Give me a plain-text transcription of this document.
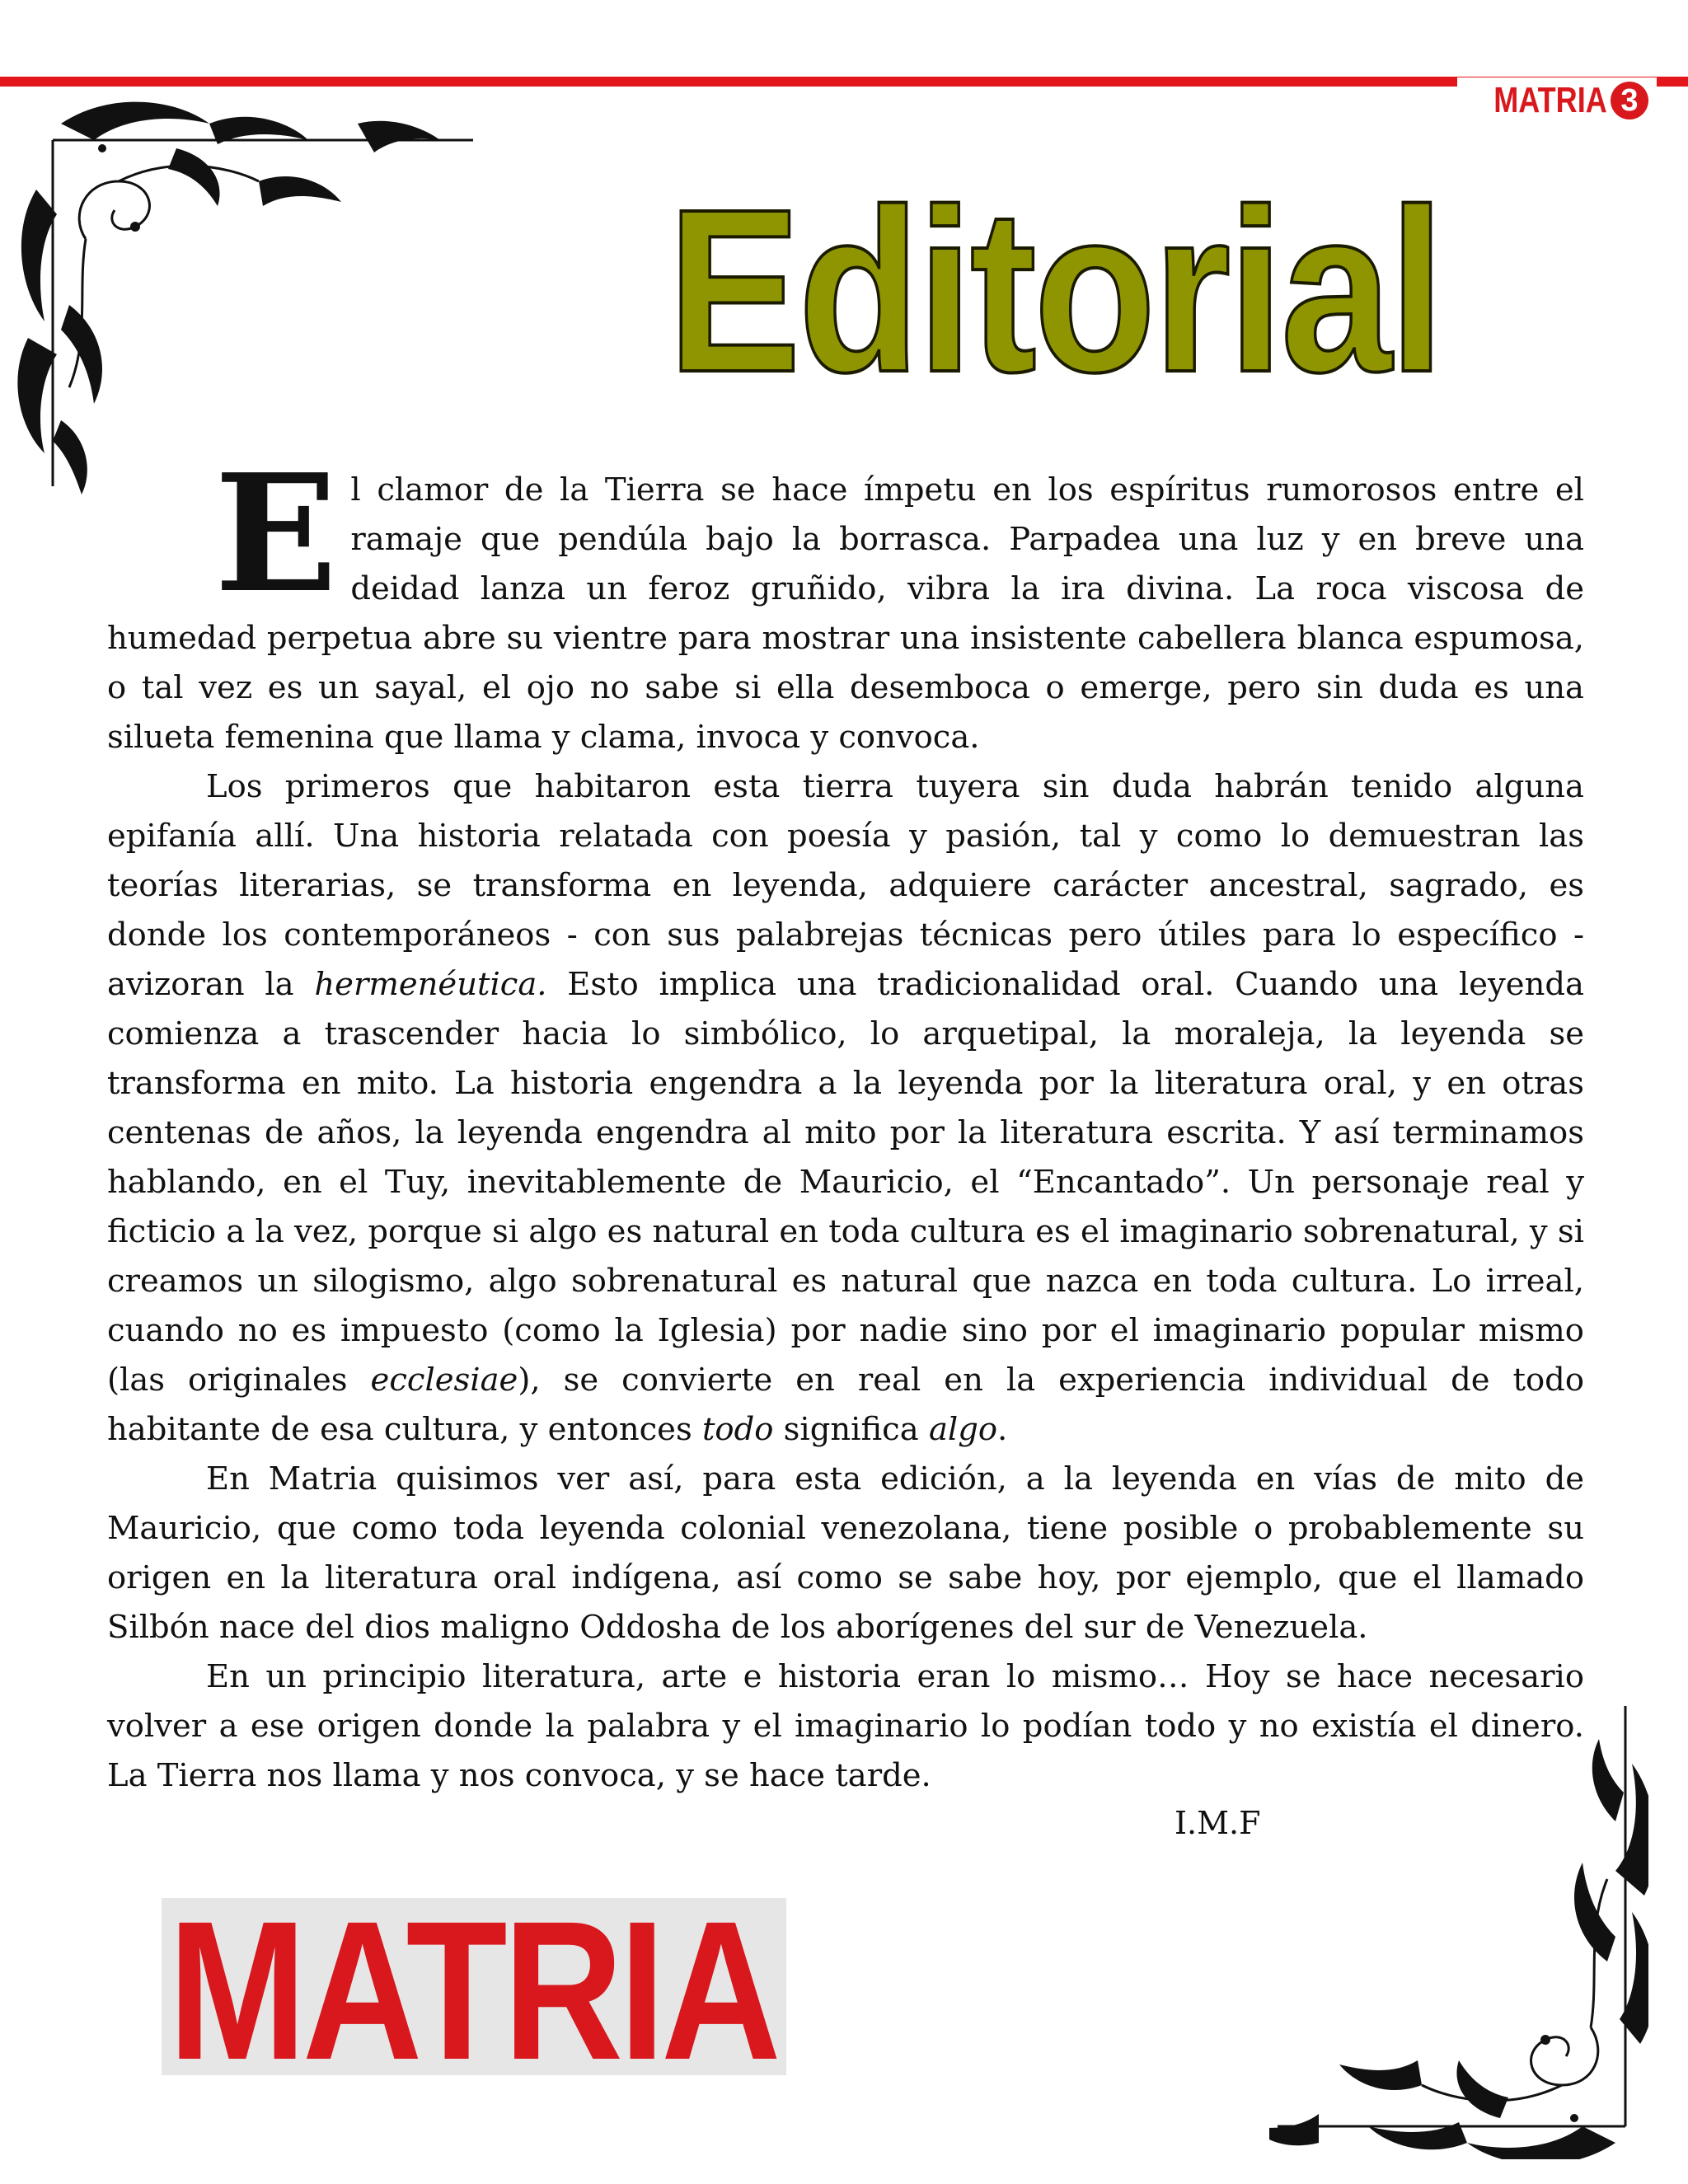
MATRIA 3
Editorial

El clamor de la Tierra se hace ímpetu en los espíritus rumorosos entre el ramaje que pendúla bajo la borrasca. Parpadea una luz y en breve una deidad lanza un feroz gruñido, vibra la ira divina. La roca viscosa de humedad perpetua abre su vientre para mostrar una insistente cabellera blanca espumosa, o tal vez es un sayal, el ojo no sabe si ella desemboca o emerge, pero sin duda es una silueta femenina que llama y clama, invoca y convoca.

Los primeros que habitaron esta tierra tuyera sin duda habrán tenido alguna epifanía allí. Una historia relatada con poesía y pasión, tal y como lo demuestran las teorías literarias, se transforma en leyenda, adquiere carácter ancestral, sagrado, es donde los contemporáneos - con sus palabrejas técnicas pero útiles para lo específico - avizoran la hermenéutica. Esto implica una tradicionalidad oral. Cuando una leyenda comienza a trascender hacia lo simbólico, lo arquetipal, la moraleja, la leyenda se transforma en mito. La historia engendra a la leyenda por la literatura oral, y en otras centenas de años, la leyenda engendra al mito por la literatura escrita. Y así terminamos hablando, en el Tuy, inevitablemente de Mauricio, el “Encantado”. Un personaje real y ficticio a la vez, porque si algo es natural en toda cultura es el imaginario sobrenatural, y si creamos un silogismo, algo sobrenatural es natural que nazca en toda cultura. Lo irreal, cuando no es impuesto (como la Iglesia) por nadie sino por el imaginario popular mismo (las originales ecclesiae), se convierte en real en la experiencia individual de todo habitante de esa cultura, y entonces todo significa algo.

En Matria quisimos ver así, para esta edición, a la leyenda en vías de mito de Mauricio, que como toda leyenda colonial venezolana, tiene posible o probablemente su origen en la literatura oral indígena, así como se sabe hoy, por ejemplo, que el llamado Silbón nace del dios maligno Oddosha de los aborígenes del sur de Venezuela.

En un principio literatura, arte e historia eran lo mismo… Hoy se hace necesario volver a ese origen donde la palabra y el imaginario lo podían todo y no existía el dinero. La Tierra nos llama y nos convoca, y se hace tarde.

I.M.F
MATRIA
